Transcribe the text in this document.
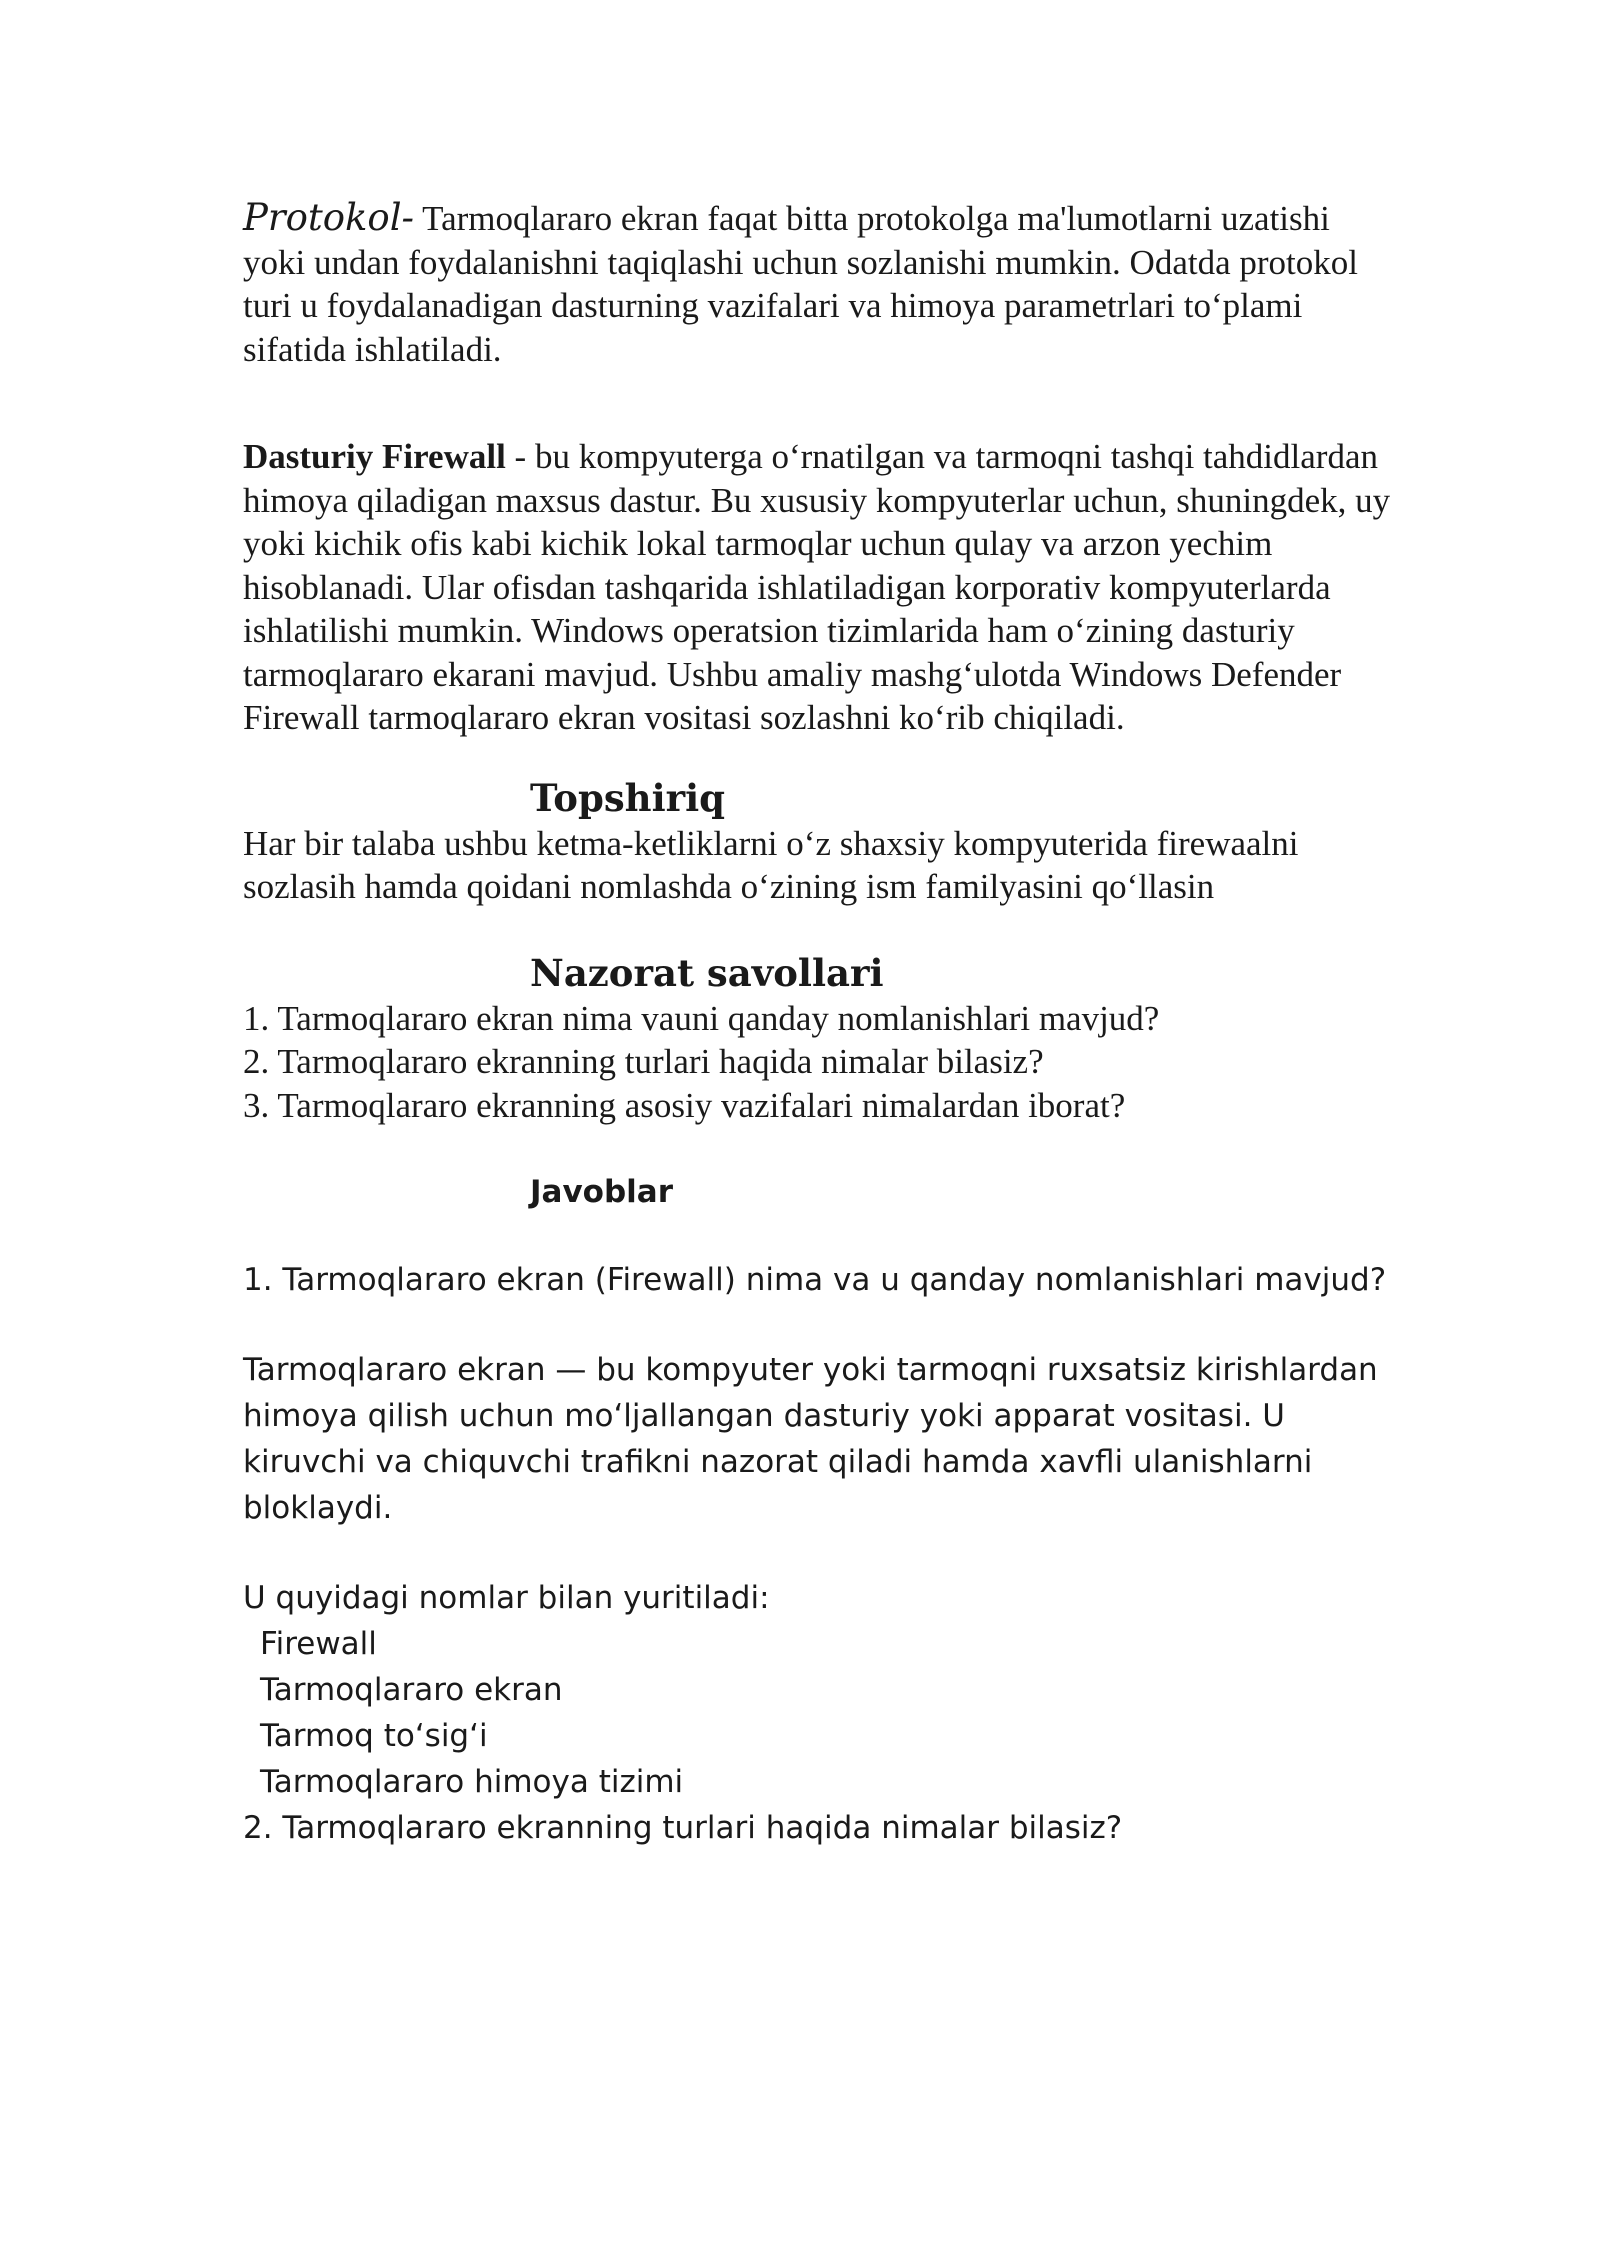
Protokol- Tarmoqlararo ekran faqat bitta protokolga ma'lumotlarni uzatishi yoki undan foydalanishni taqiqlashi uchun sozlanishi mumkin. Odatda protokol turi u foydalanadigan dasturning vazifalari va himoya parametrlari to‘plami sifatida ishlatiladi.

Dasturiy Firewall - bu kompyuterga o‘rnatilgan va tarmoqni tashqi tahdidlardan himoya qiladigan maxsus dastur. Bu xususiy kompyuterlar uchun, shuningdek, uy yoki kichik ofis kabi kichik lokal tarmoqlar uchun qulay va arzon yechim hisoblanadi. Ular ofisdan tashqarida ishlatiladigan korporativ kompyuterlarda ishlatilishi mumkin. Windows operatsion tizimlarida ham o‘zining dasturiy tarmoqlararo ekarani mavjud. Ushbu amaliy mashg‘ulotda Windows Defender Firewall tarmoqlararo ekran vositasi sozlashni ko‘rib chiqiladi.

Topshiriq

Har bir talaba ushbu ketma-ketliklarni o‘z shaxsiy kompyuterida firewaalni sozlasih hamda qoidani nomlashda o‘zining ism familyasini qo‘llasin

Nazorat savollari
1. Tarmoqlararo ekran nima vauni qanday nomlanishlari mavjud?
2. Tarmoqlararo ekranning turlari haqida nimalar bilasiz?
3. Tarmoqlararo ekranning asosiy vazifalari nimalardan iborat?
Javoblar

1. Tarmoqlararo ekran (Firewall) nima va u qanday nomlanishlari mavjud?

Tarmoqlararo ekran — bu kompyuter yoki tarmoqni ruxsatsiz kirishlardan himoya qilish uchun mo‘ljallangan dasturiy yoki apparat vositasi. U kiruvchi va chiquvchi trafikni nazorat qiladi hamda xavfli ulanishlarni bloklaydi.

U quyidagi nomlar bilan yuritiladi:

Firewall
Tarmoqlararo ekran
Tarmoq to‘sig‘i
Tarmoqlararo himoya tizimi

2. Tarmoqlararo ekranning turlari haqida nimalar bilasiz?
